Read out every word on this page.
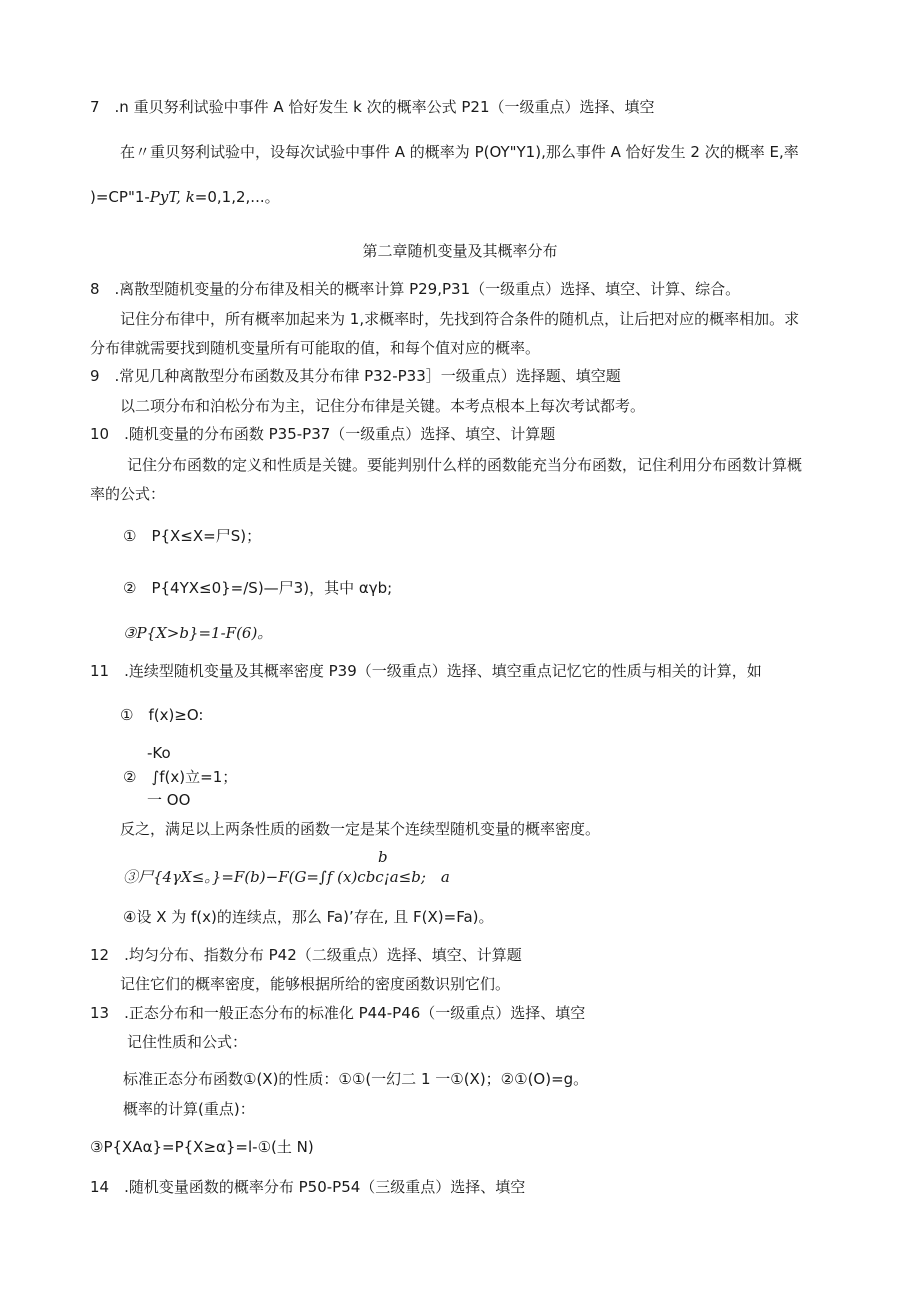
7　.n 重贝努利试验中事件 A 恰好发生 k 次的概率公式 P21（一级重点）选择、填空
在〃重贝努利试验中，设每次试验中事件 A 的概率为 P(OY"Y1),那么事件 A 恰好发生 2 次的概率 E,率
)=CP"1-PyT, k=0,1,2,...。
第二章随机变量及其概率分布
8　.离散型随机变量的分布律及相关的概率计算 P29,P31（一级重点）选择、填空、计算、综合。
记住分布律中，所有概率加起来为 1,求概率时，先找到符合条件的随机点，让后把对应的概率相加。求
分布律就需要找到随机变量所有可能取的值，和每个值对应的概率。
9　.常见几种离散型分布函数及其分布律 P32-P33］一级重点）选择题、填空题
以二项分布和泊松分布为主，记住分布律是关键。本考点根本上每次考试都考。
10　.随机变量的分布函数 P35-P37（一级重点）选择、填空、计算题
记住分布函数的定义和性质是关键。要能判别什么样的函数能充当分布函数，记住利用分布函数计算概
率的公式：
①　P{X≤X=尸S)；
②　P{4YX≤0}=/S)—尸3)，其中 αγb;
③P{X>b}=1-F(6)。
11　.连续型随机变量及其概率密度 P39（一级重点）选择、填空重点记忆它的性质与相关的计算，如
①　f(x)≥O:
-Ko
②　∫f(x)立=1；
一 OO
反之，满足以上两条性质的函数一定是某个连续型随机变量的概率密度。
b
③尸{4γX≤。}=F(b)−F(G=∫f (x)cbc¡a≤b;　a
④设 X 为 f(x)的连续点，那么 Fa)’存在, 且 F(X)=Fa)。
12　.均匀分布、指数分布 P42（二级重点）选择、填空、计算题
记住它们的概率密度，能够根据所给的密度函数识别它们。
13　.正态分布和一般正态分布的标准化 P44-P46（一级重点）选择、填空
记住性质和公式：
标准正态分布函数①(X)的性质：①①(一幻二 1 一①(X)；②①(O)=g。
概率的计算(重点)：
③P{XAα}=P{X≥α}=l-①(土 N)
14　.随机变量函数的概率分布 P50-P54（三级重点）选择、填空
